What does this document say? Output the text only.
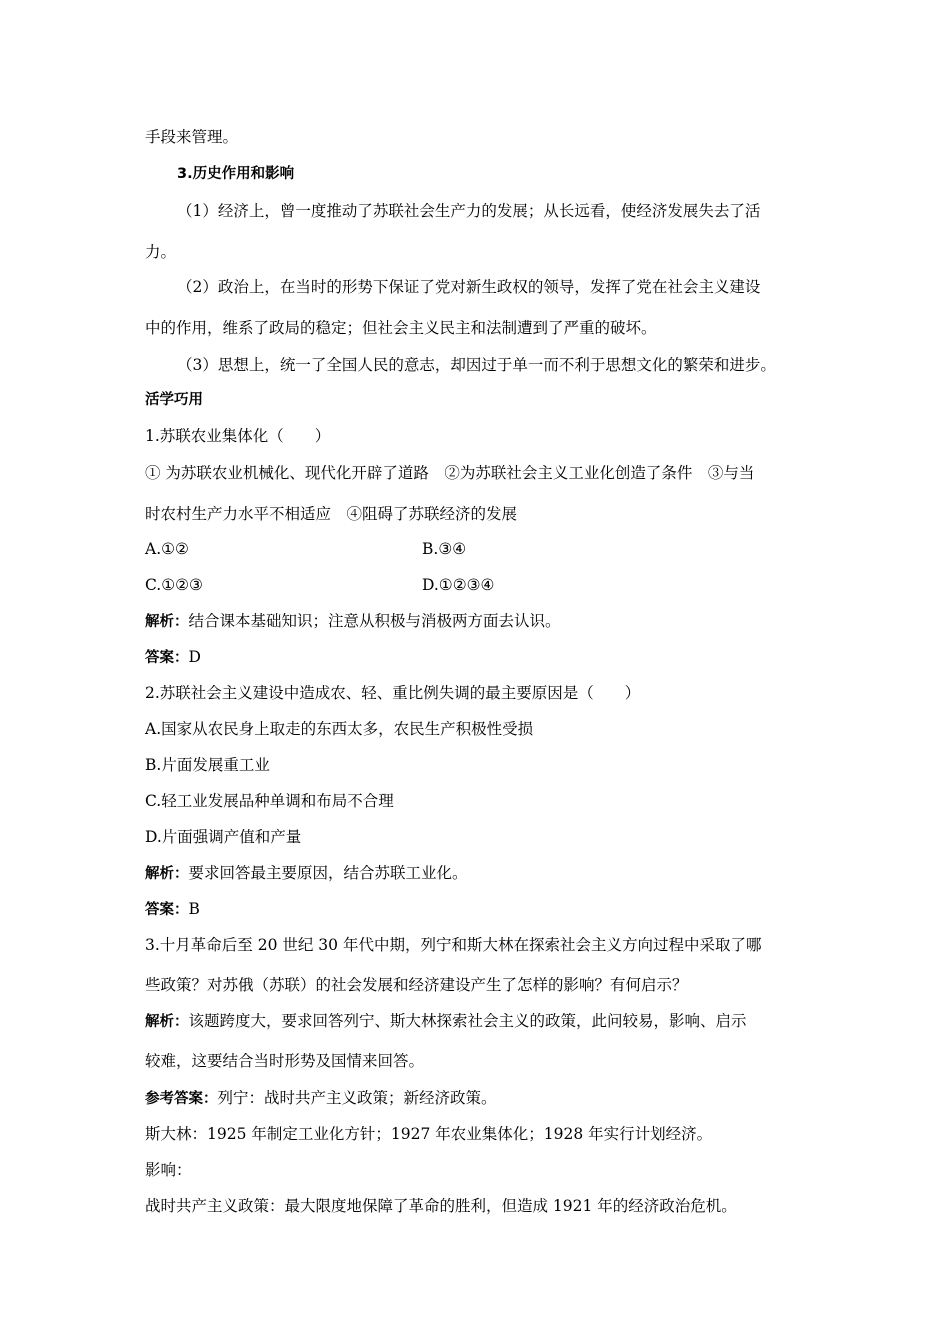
手段来管理。
3.历史作用和影响
（1）经济上，曾一度推动了苏联社会生产力的发展；从长远看，使经济发展失去了活
力。
（2）政治上，在当时的形势下保证了党对新生政权的领导，发挥了党在社会主义建设
中的作用，维系了政局的稳定；但社会主义民主和法制遭到了严重的破坏。
（3）思想上，统一了全国人民的意志，却因过于单一而不利于思想文化的繁荣和进步。
活学巧用
1.苏联农业集体化（　　）
① 为苏联农业机械化、现代化开辟了道路　②为苏联社会主义工业化创造了条件　③与当
时农村生产力水平不相适应　④阻碍了苏联经济的发展
A.①②	B.③④
C.①②③	D.①②③④
解析：结合课本基础知识；注意从积极与消极两方面去认识。
答案：D
2.苏联社会主义建设中造成农、轻、重比例失调的最主要原因是（　　）
A.国家从农民身上取走的东西太多，农民生产积极性受损
B.片面发展重工业
C.轻工业发展品种单调和布局不合理
D.片面强调产值和产量
解析：要求回答最主要原因，结合苏联工业化。
答案：B
3.十月革命后至 20 世纪 30 年代中期，列宁和斯大林在探索社会主义方向过程中采取了哪
些政策？对苏俄（苏联）的社会发展和经济建设产生了怎样的影响？有何启示？
解析：该题跨度大，要求回答列宁、斯大林探索社会主义的政策，此问较易，影响、启示
较难，这要结合当时形势及国情来回答。
参考答案：列宁：战时共产主义政策；新经济政策。
斯大林：1925 年制定工业化方针；1927 年农业集体化；1928 年实行计划经济。
影响：
战时共产主义政策：最大限度地保障了革命的胜利，但造成 1921 年的经济政治危机。
